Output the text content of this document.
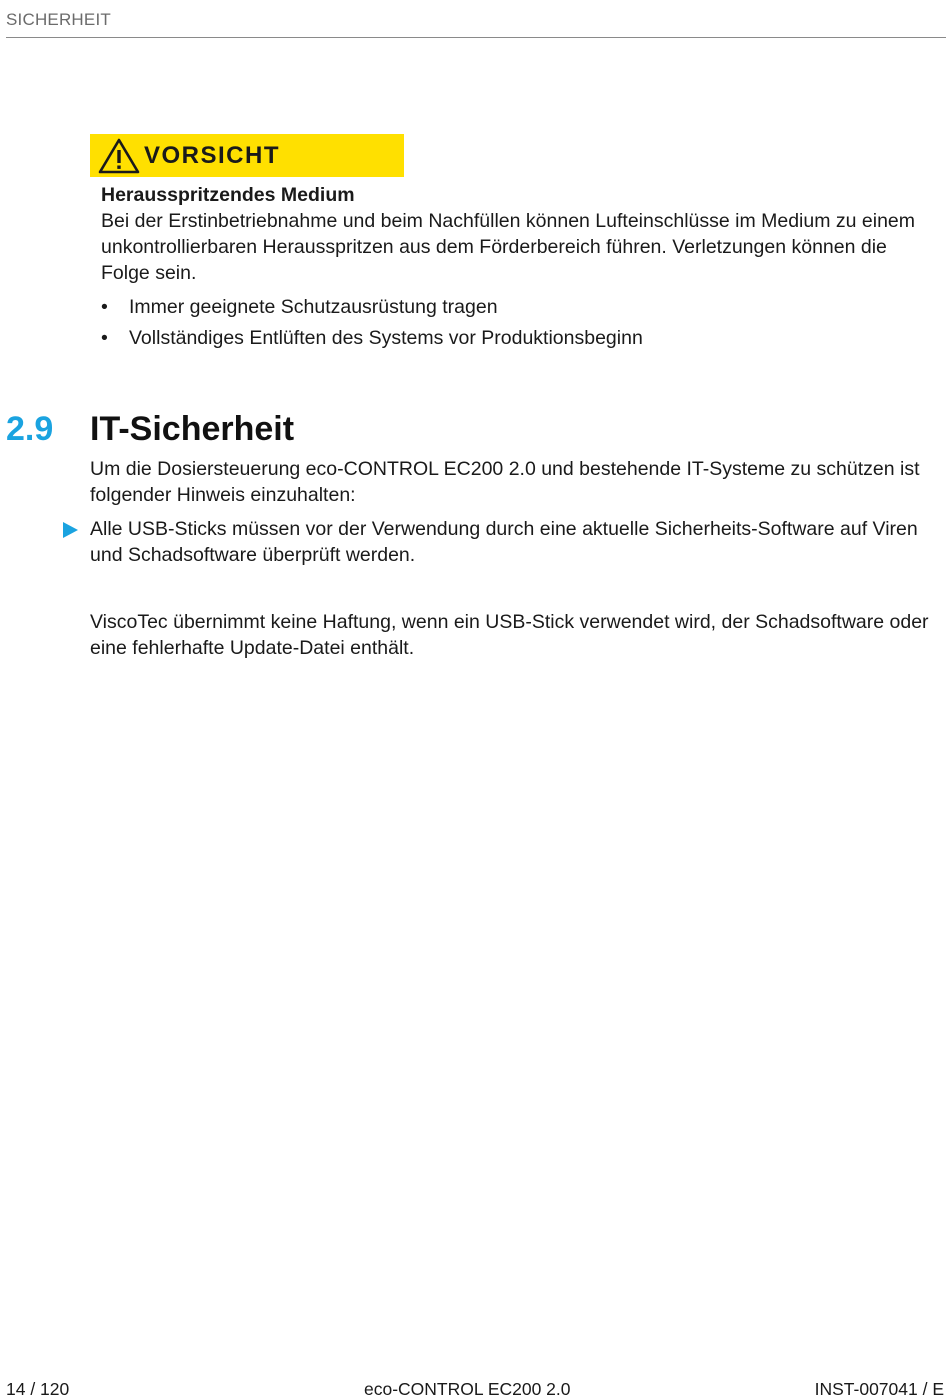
SICHERHEIT
VORSICHT
Herausspritzendes Medium

Bei der Erstinbetriebnahme und beim Nachfüllen können Lufteinschlüsse im Medium zu einem unkontrollierbaren Herausspritzen aus dem Förderbereich führen. Verletzungen können die Folge sein.

• Immer geeignete Schutzausrüstung tragen
• Vollständiges Entlüften des Systems vor Produktionsbeginn
2.9 IT-Sicherheit

Um die Dosiersteuerung eco-CONTROL EC200 2.0 und bestehende IT-Systeme zu schützen ist folgender Hinweis einzuhalten:

Alle USB-Sticks müssen vor der Verwendung durch eine aktuelle Sicherheits-Software auf Viren und Schadsoftware überprüft werden.

ViscoTec übernimmt keine Haftung, wenn ein USB-Stick verwendet wird, der Schadsoftware oder eine fehlerhafte Update-Datei enthält.

14 / 120	eco-CONTROL EC200 2.0	INST-007041 / E
